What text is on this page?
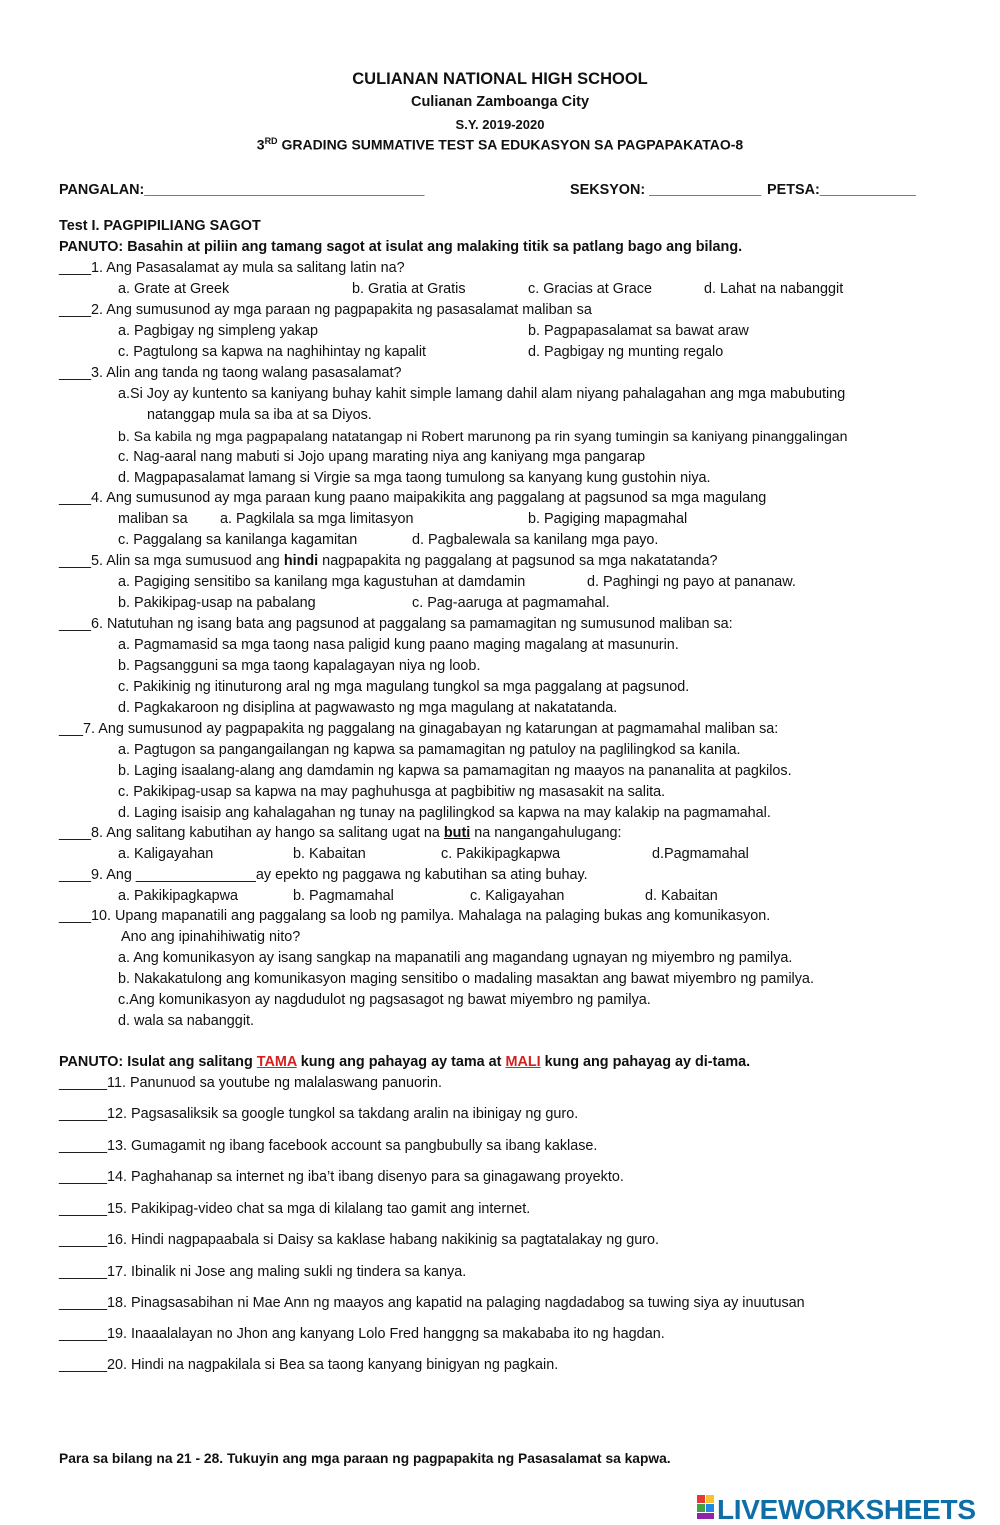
CULIANAN NATIONAL HIGH SCHOOL
Culianan Zamboanga City
S.Y. 2019-2020
3RD GRADING SUMMATIVE TEST SA EDUKASYON SA PAGPAPAKATAO-8
PANGALAN:___________________________________	SEKSYON: ______________ PETSA:____________
Test I. PAGPIPILIANG SAGOT
PANUTO: Basahin at piliin ang tamang sagot at isulat ang malaking titik sa patlang bago ang bilang.
____1. Ang Pasasalamat ay mula sa salitang latin na?
a. Grate at Greek	b. Gratia at Gratis	c. Gracias at Grace	d. Lahat na nabanggit
____2. Ang sumusunod ay mga paraan ng pagpapakita ng pasasalamat maliban sa
a. Pagbigay ng simpleng yakap	b. Pagpapasalamat sa bawat araw
c. Pagtulong sa kapwa na naghihintay ng kapalit	d. Pagbigay ng munting regalo
____3. Alin ang tanda ng taong walang pasasalamat?
a.Si Joy ay kuntento sa kaniyang buhay kahit simple lamang dahil alam niyang pahalagahan ang mga mabubuting
natanggap mula sa iba at sa Diyos.
b. Sa kabila ng mga pagpapalang natatangap ni Robert marunong pa rin syang tumingin sa kaniyang pinanggalingan
c. Nag-aaral nang mabuti si Jojo upang marating niya ang kaniyang mga pangarap
d. Magpapasalamat lamang si Virgie sa mga taong tumulong sa kanyang kung gustohin niya.
____4. Ang sumusunod ay mga paraan kung paano maipakikita ang paggalang at pagsunod sa mga magulang
maliban sa a. Pagkilala sa mga limitasyon	b. Pagiging mapagmahal
c. Paggalang sa kanilanga kagamitan	d. Pagbalewala sa kanilang mga payo.
____5. Alin sa mga sumusuod ang hindi nagpapakita ng paggalang at pagsunod sa mga nakatatanda?
a. Pagiging sensitibo sa kanilang mga kagustuhan at damdamin	d. Paghingi ng payo at pananaw.
b. Pakikipag-usap na pabalang	c. Pag-aaruga at pagmamahal.
____6. Natutuhan ng isang bata ang pagsunod at paggalang sa pamamagitan ng sumusunod maliban sa:
a. Pagmamasid sa mga taong nasa paligid kung paano maging magalang at masunurin.
b. Pagsangguni sa mga taong kapalagayan niya ng loob.
c. Pakikinig ng itinuturong aral ng mga magulang tungkol sa mga paggalang at pagsunod.
d. Pagkakaroon ng disiplina at pagwawasto ng mga magulang at nakatatanda.
___7. Ang sumusunod ay pagpapakita ng paggalang na ginagabayan ng katarungan at pagmamahal maliban sa:
a. Pagtugon sa pangangailangan ng kapwa sa pamamagitan ng patuloy na paglilingkod sa kanila.
b. Laging isaalang-alang ang damdamin ng kapwa sa pamamagitan ng maayos na pananalita at pagkilos.
c. Pakikipag-usap sa kapwa na may paghuhusga at pagbibitiw ng masasakit na salita.
d. Laging isaisip ang kahalagahan ng tunay na paglilingkod sa kapwa na may kalakip na pagmamahal.
____8. Ang salitang kabutihan ay hango sa salitang ugat na buti na nangangahulugang:
a. Kaligayahan	b. Kabaitan	c. Pakikipagkapwa	d.Pagmamahal
____9. Ang _______________ay epekto ng paggawa ng kabutihan sa ating buhay.
a. Pakikipagkapwa	b. Pagmamahal	c. Kaligayahan	d. Kabaitan
____10. Upang mapanatili ang paggalang sa loob ng pamilya. Mahalaga na palaging bukas ang komunikasyon.
Ano ang ipinahihiwatig nito?
a. Ang komunikasyon ay isang sangkap na mapanatili ang magandang ugnayan ng miyembro ng pamilya.
b. Nakakatulong ang komunikasyon maging sensitibo o madaling masaktan ang bawat miyembro ng pamilya.
c.Ang komunikasyon ay nagdudulot ng pagsasagot ng bawat miyembro ng pamilya.
d. wala sa nabanggit.
PANUTO: Isulat ang salitang TAMA kung ang pahayag ay tama at MALI kung ang pahayag ay di-tama.
______11. Panunuod sa youtube ng malalaswang panuorin.
______12. Pagsasaliksik sa google tungkol sa takdang aralin na ibinigay ng guro.
______13. Gumagamit ng ibang facebook account sa pangbubully sa ibang kaklase.
______14. Paghahanap sa internet ng iba’t ibang disenyo para sa ginagawang proyekto.
______15. Pakikipag-video chat sa mga di kilalang tao gamit ang internet.
______16. Hindi nagpapaabala si Daisy sa kaklase habang nakikinig sa pagtatalakay ng guro.
______17. Ibinalik ni Jose ang maling sukli ng tindera sa kanya.
______18. Pinagsasabihan ni Mae Ann ng maayos ang kapatid na palaging nagdadabog sa tuwing siya ay inuutusan
______19. Inaaalalayan no Jhon ang kanyang Lolo Fred hanggng sa makababa ito ng hagdan.
______20. Hindi na nagpakilala si Bea sa taong kanyang binigyan ng pagkain.
Para sa bilang na 21 - 28. Tukuyin ang mga paraan ng pagpapakita ng Pasasalamat sa kapwa.
LIVEWORKSHEETS
